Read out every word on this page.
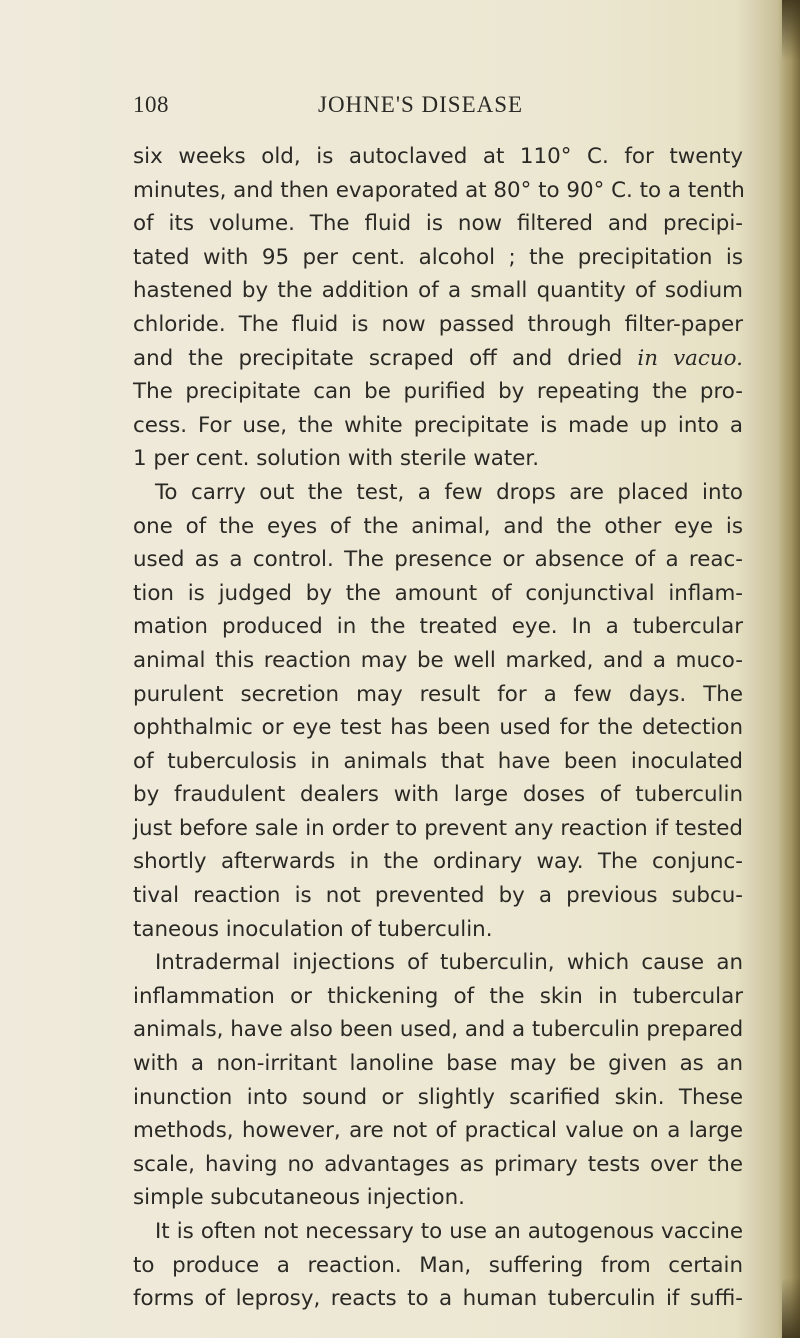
108	JOHNE'S DISEASE
six weeks old, is autoclaved at 110° C. for twenty
minutes, and then evaporated at 80° to 90° C. to a tenth
of its volume. The fluid is now filtered and precipi-
tated with 95 per cent. alcohol ; the precipitation is
hastened by the addition of a small quantity of sodium
chloride. The fluid is now passed through filter-paper
and the precipitate scraped off and dried in vacuo.
The precipitate can be purified by repeating the pro-
cess. For use, the white precipitate is made up into a
1 per cent. solution with sterile water.
To carry out the test, a few drops are placed into
one of the eyes of the animal, and the other eye is
used as a control. The presence or absence of a reac-
tion is judged by the amount of conjunctival inflam-
mation produced in the treated eye. In a tubercular
animal this reaction may be well marked, and a muco-
purulent secretion may result for a few days. The
ophthalmic or eye test has been used for the detection
of tuberculosis in animals that have been inoculated
by fraudulent dealers with large doses of tuberculin
just before sale in order to prevent any reaction if tested
shortly afterwards in the ordinary way. The conjunc-
tival reaction is not prevented by a previous subcu-
taneous inoculation of tuberculin.
Intradermal injections of tuberculin, which cause an
inflammation or thickening of the skin in tubercular
animals, have also been used, and a tuberculin prepared
with a non-irritant lanoline base may be given as an
inunction into sound or slightly scarified skin. These
methods, however, are not of practical value on a large
scale, having no advantages as primary tests over the
simple subcutaneous injection.
It is often not necessary to use an autogenous vaccine
to produce a reaction. Man, suffering from certain
forms of leprosy, reacts to a human tuberculin if suffi-
